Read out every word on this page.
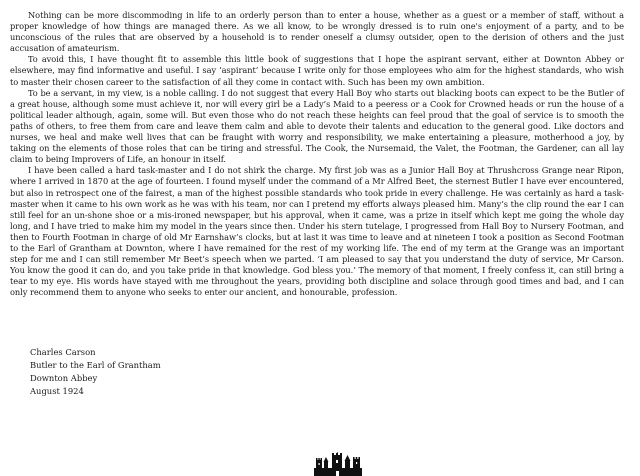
Nothing can be more discommoding in life to an orderly person than to enter a house, whether as a guest or a member of staff, without a proper knowledge of how things are managed there. As we all know, to be wrongly dressed is to ruin one's enjoyment of a party, and to be unconscious of the rules that are observed by a household is to render oneself a clumsy outsider, open to the derision of others and the just accusation of amateurism.

To avoid this, I have thought fit to assemble this little book of suggestions that I hope the aspirant servant, either at Downton Abbey or elsewhere, may find informative and useful. I say ‘aspirant’ because I write only for those employees who aim for the highest standards, who wish to master their chosen career to the satisfaction of all they come in contact with. Such has been my own ambition.

To be a servant, in my view, is a noble calling. I do not suggest that every Hall Boy who starts out blacking boots can expect to be the Butler of a great house, although some must achieve it, nor will every girl be a Lady’s Maid to a peeress or a Cook for Crowned heads or run the house of a political leader although, again, some will. But even those who do not reach these heights can feel proud that the goal of service is to smooth the paths of others, to free them from care and leave them calm and able to devote their talents and education to the general good. Like doctors and nurses, we heal and make well lives that can be fraught with worry and responsibility, we make entertaining a pleasure, motherhood a joy, by taking on the elements of those roles that can be tiring and stressful. The Cook, the Nursemaid, the Valet, the Footman, the Gardener, can all lay claim to being Improvers of Life, an honour in itself.

I have been called a hard task-master and I do not shirk the charge. My first job was as a Junior Hall Boy at Thrushcross Grange near Ripon, where I arrived in 1870 at the age of fourteen. I found myself under the command of a Mr Alfred Beet, the sternest Butler I have ever encountered, but also in retrospect one of the fairest, a man of the highest possible standards who took pride in every challenge. He was certainly as hard a task-master when it came to his own work as he was with his team, nor can I pretend my efforts always pleased him. Many’s the clip round the ear I can still feel for an un-shone shoe or a mis-ironed newspaper, but his approval, when it came, was a prize in itself which kept me going the whole day long, and I have tried to make him my model in the years since then. Under his stern tutelage, I progressed from Hall Boy to Nursery Footman, and then to Fourth Footman in charge of old Mr Earnshaw’s clocks, but at last it was time to leave and at nineteen I took a position as Second Footman to the Earl of Grantham at Downton, where I have remained for the rest of my working life. The end of my term at the Grange was an important step for me and I can still remember Mr Beet’s speech when we parted. ‘I am pleased to say that you understand the duty of service, Mr Carson. You know the good it can do, and you take pride in that knowledge. God bless you.’ The memory of that moment, I freely confess it, can still bring a tear to my eye. His words have stayed with me throughout the years, providing both discipline and solace through good times and bad, and I can only recommend them to anyone who seeks to enter our ancient, and honourable, profession.

Charles Carson
Butler to the Earl of Grantham
Downton Abbey
August 1924
